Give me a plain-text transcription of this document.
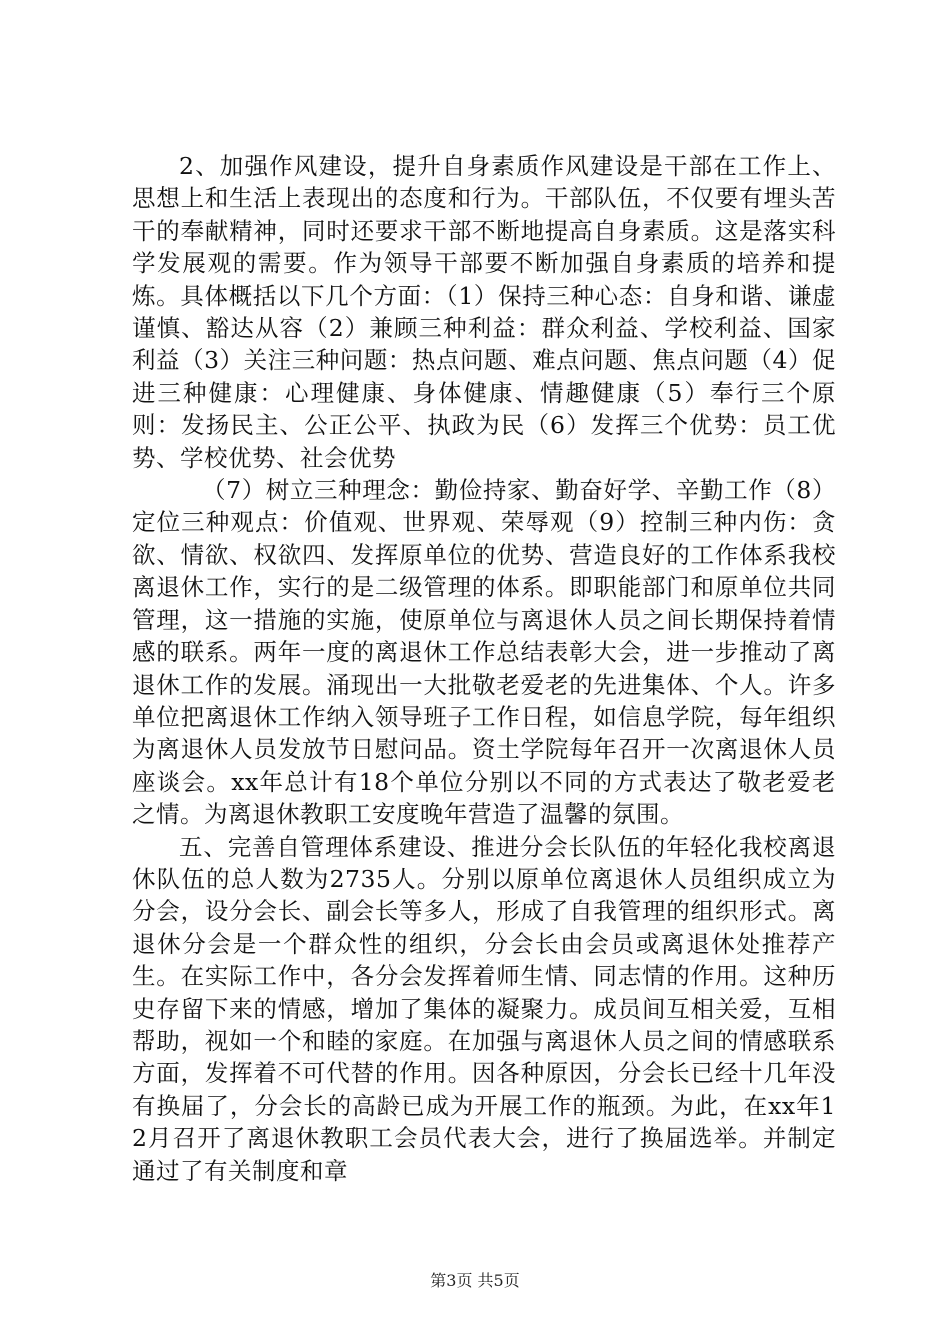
2、加强作风建设，提升自身素质作风建设是干部在工作上、思想上和生活上表现出的态度和行为。干部队伍，不仅要有埋头苦干的奉献精神，同时还要求干部不断地提高自身素质。这是落实科学发展观的需要。作为领导干部要不断加强自身素质的培养和提炼。具体概括以下几个方面：（1）保持三种心态：自身和谐、谦虚谨慎、豁达从容（2）兼顾三种利益：群众利益、学校利益、国家利益（3）关注三种问题：热点问题、难点问题、焦点问题（4）促进三种健康：心理健康、身体健康、情趣健康（5）奉行三个原则：发扬民主、公正公平、执政为民（6）发挥三个优势：员工优势、学校优势、社会优势

（7）树立三种理念：勤俭持家、勤奋好学、辛勤工作（8）定位三种观点：价值观、世界观、荣辱观（9）控制三种内伤：贪欲、情欲、权欲四、发挥原单位的优势、营造良好的工作体系我校离退休工作，实行的是二级管理的体系。即职能部门和原单位共同管理，这一措施的实施，使原单位与离退休人员之间长期保持着情感的联系。两年一度的离退休工作总结表彰大会，进一步推动了离退休工作的发展。涌现出一大批敬老爱老的先进集体、个人。许多单位把离退休工作纳入领导班子工作日程，如信息学院，每年组织为离退休人员发放节日慰问品。资土学院每年召开一次离退休人员座谈会。xx年总计有18个单位分别以不同的方式表达了敬老爱老之情。为离退休教职工安度晚年营造了温馨的氛围。

五、完善自管理体系建设、推进分会长队伍的年轻化我校离退休队伍的总人数为2735人。分别以原单位离退休人员组织成立为分会，设分会长、副会长等多人，形成了自我管理的组织形式。离退休分会是一个群众性的组织，分会长由会员或离退休处推荐产生。在实际工作中，各分会发挥着师生情、同志情的作用。这种历史存留下来的情感，增加了集体的凝聚力。成员间互相关爱，互相帮助，视如一个和睦的家庭。在加强与离退休人员之间的情感联系方面，发挥着不可代替的作用。因各种原因，分会长已经十几年没有换届了，分会长的高龄已成为开展工作的瓶颈。为此，在xx年12月召开了离退休教职工会员代表大会，进行了换届选举。并制定通过了有关制度和章

第3页 共5页
